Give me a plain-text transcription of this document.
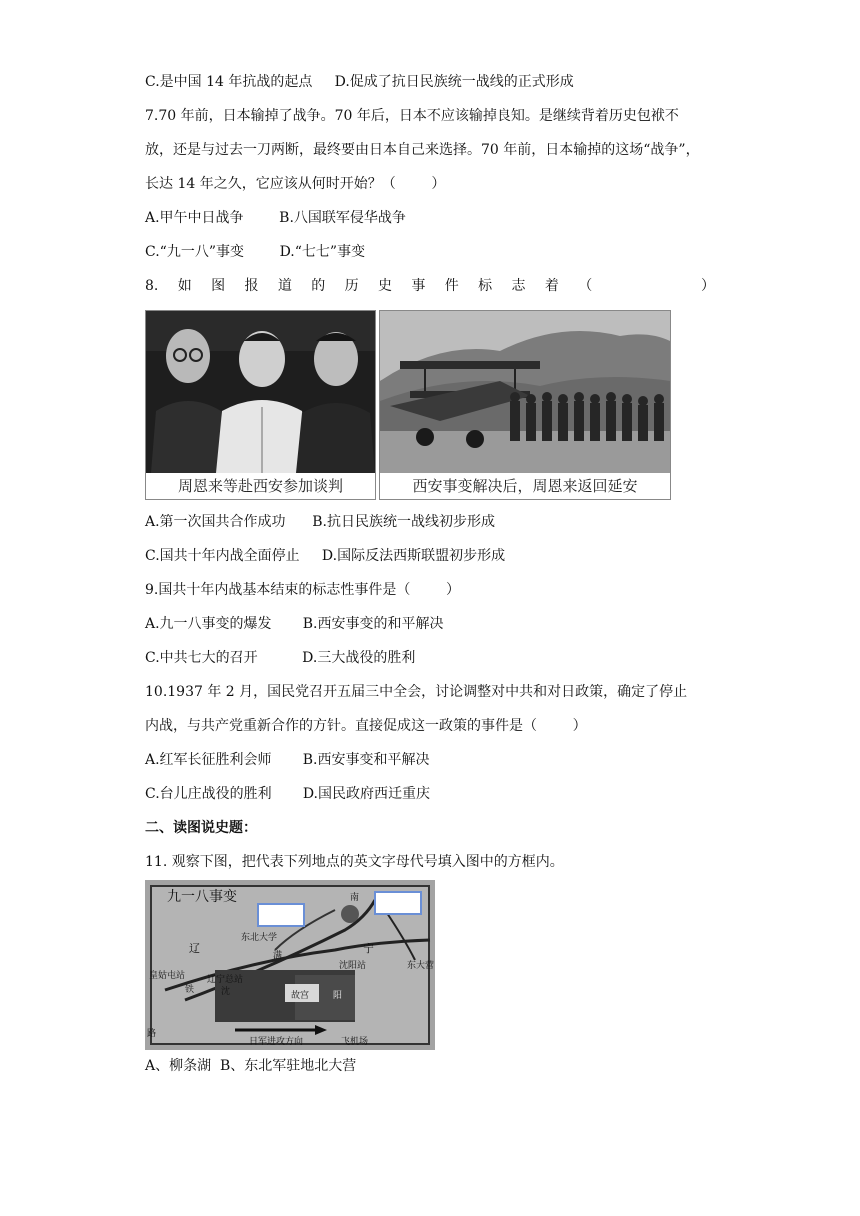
C.是中国 14 年抗战的起点     D.促成了抗日民族统一战线的正式形成
7.70 年前，日本输掉了战争。70 年后，日本不应该输掉良知。是继续背着历史包袱不
放，还是与过去一刀两断，最终要由日本自己来选择。70 年前，日本输掉的这场“战争”，
长达 14 年之久，它应该从何时开始？（        ）
A.甲午中日战争        B.八国联军侵华战争
C.“九一八”事变        D.“七七”事变
8. 如 图 报 道 的 历 史 事 件 标 志 着 （	）
周恩来等赴西安参加谈判	西安事变解决后，周恩来返回延安
A.第一次国共合作成功      B.抗日民族统一战线初步形成
C.国共十年内战全面停止     D.国际反法西斯联盟初步形成
9.国共十年内战基本结束的标志性事件是（        ）
A.九一八事变的爆发       B.西安事变的和平解决
C.中共七大的召开          D.三大战役的胜利
10.1937 年 2 月，国民党召开五届三中全会，讨论调整对中共和对日政策，确定了停止
内战，与共产党重新合作的方针。直接促成这一政策的事件是（        ）
A.红军长征胜利会师       B.西安事变和平解决
C.台儿庄战役的胜利       D.国民政府西迁重庆
二、读图说史题：
11. 观察下图，把代表下列地点的英文字母代号填入图中的方框内。
九一八事变	南
东北大学
辽	宁
满
沈阳站	东大营
皇姑屯站
铁
辽宁总站
沈	故宫	阳
路
日军进攻方向	飞机场
A、柳条湖  B、东北军驻地北大营
